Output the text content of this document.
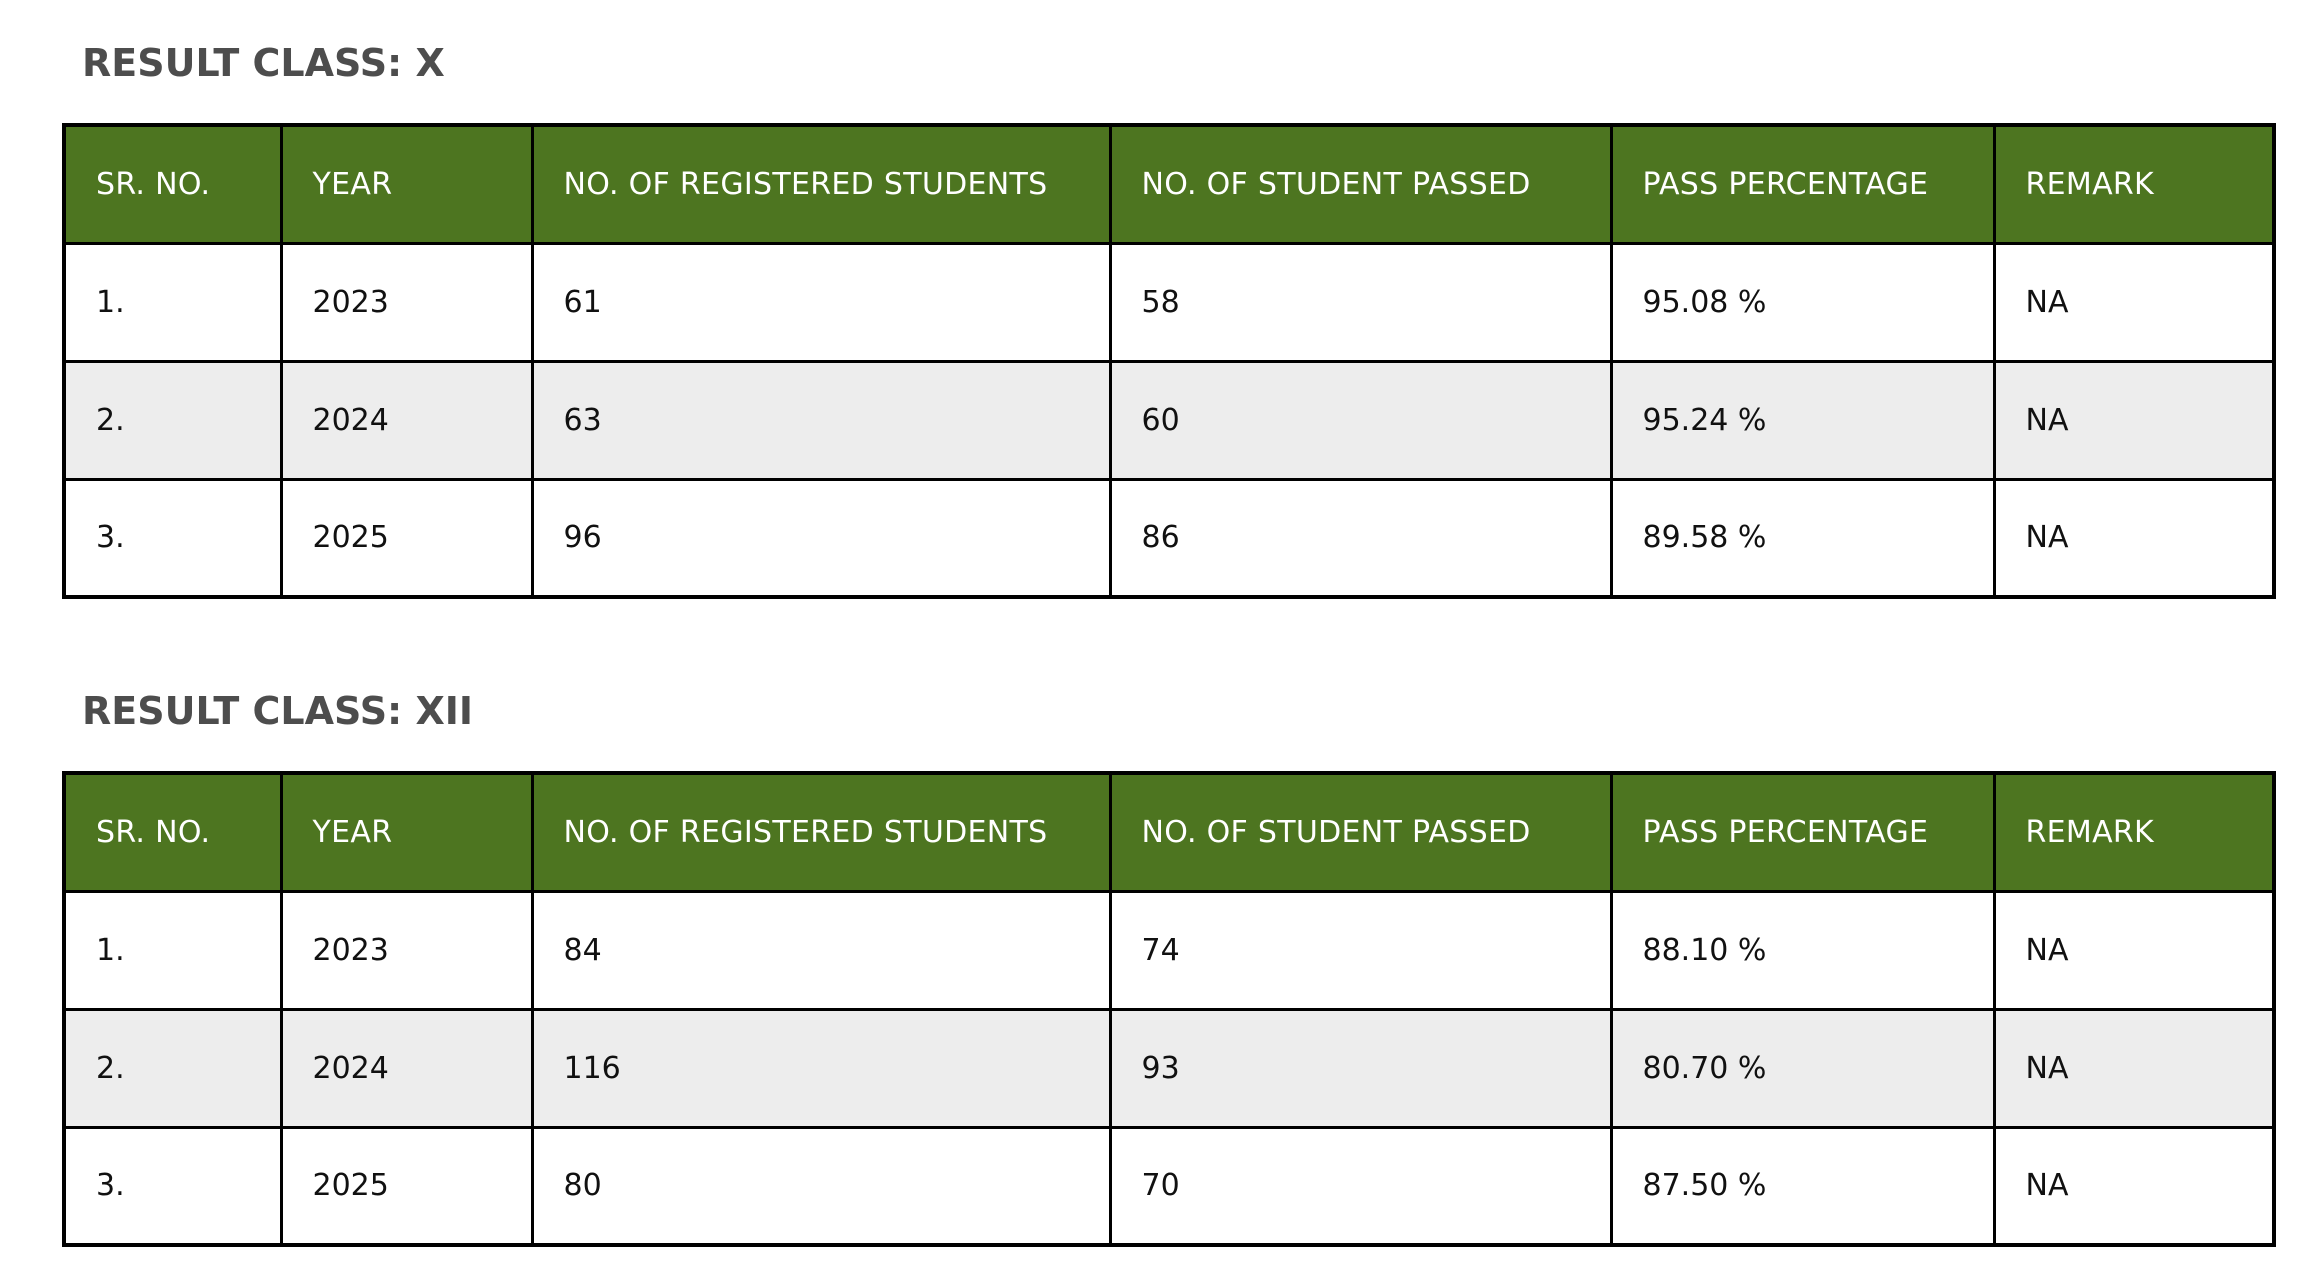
RESULT CLASS: X
SR. NO.	YEAR	NO. OF REGISTERED STUDENTS	NO. OF STUDENT PASSED	PASS PERCENTAGE	REMARK
1.	2023	61	58	95.08 %	NA
2.	2024	63	60	95.24 %	NA
3.	2025	96	86	89.58 %	NA
RESULT CLASS: XII
SR. NO.	YEAR	NO. OF REGISTERED STUDENTS	NO. OF STUDENT PASSED	PASS PERCENTAGE	REMARK
1.	2023	84	74	88.10 %	NA
2.	2024	116	93	80.70 %	NA
3.	2025	80	70	87.50 %	NA
